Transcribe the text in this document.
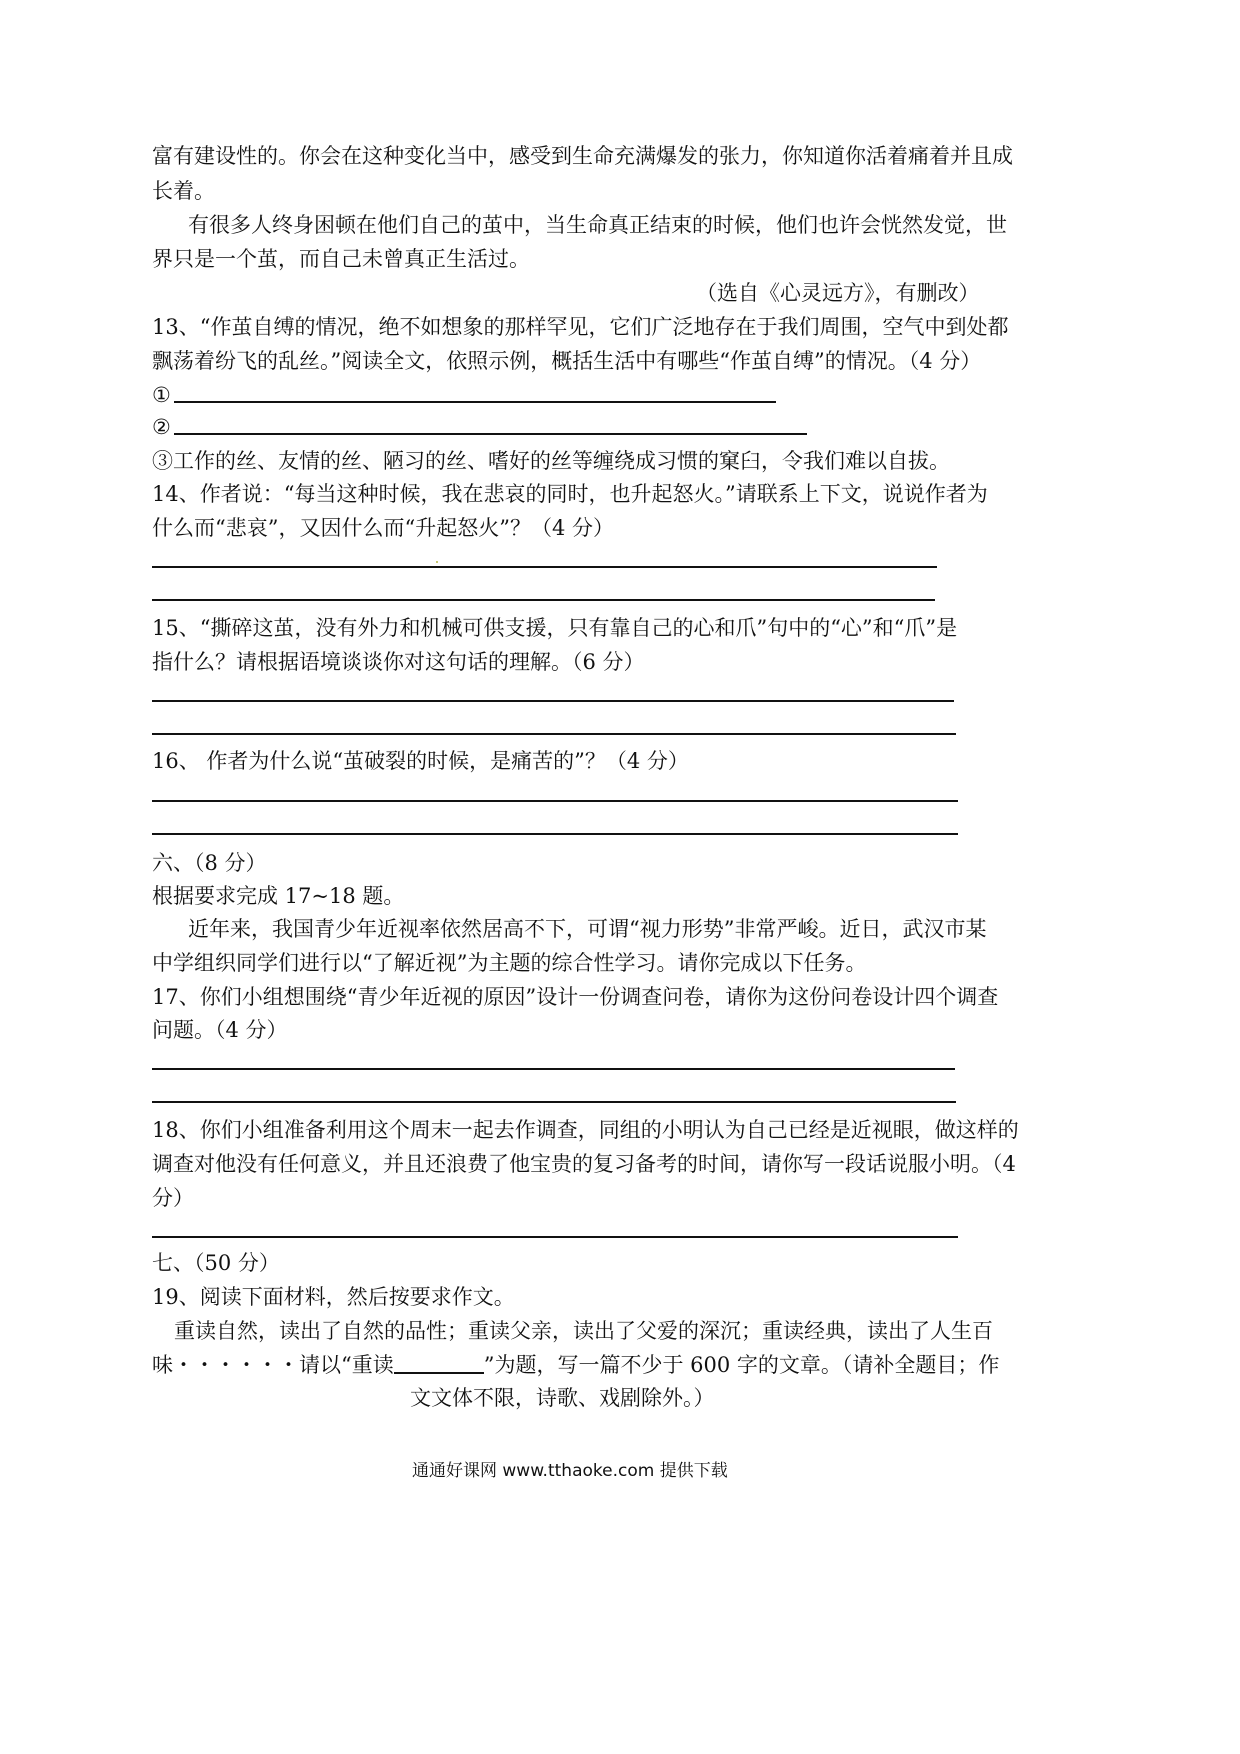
富有建设性的。你会在这种变化当中，感受到生命充满爆发的张力，你知道你活着痛着并且成
长着。
有很多人终身困顿在他们自己的茧中，当生命真正结束的时候，他们也许会恍然发觉，世
界只是一个茧，而自己未曾真正生活过。
（选自《心灵远方》，有删改）
13、“作茧自缚的情况，绝不如想象的那样罕见，它们广泛地存在于我们周围，空气中到处都
飘荡着纷飞的乱丝。”阅读全文，依照示例，概括生活中有哪些“作茧自缚”的情况。（4 分）
①
②
③工作的丝、友情的丝、陋习的丝、嗜好的丝等缠绕成习惯的窠臼，令我们难以自拔。
14、作者说：“每当这种时候，我在悲哀的同时，也升起怒火。”请联系上下文，说说作者为
什么而“悲哀”，又因什么而“升起怒火”？（4 分）
15、“撕碎这茧，没有外力和机械可供支援，只有靠自己的心和爪”句中的“心”和“爪”是
指什么？请根据语境谈谈你对这句话的理解。（6 分）
16、 作者为什么说“茧破裂的时候，是痛苦的”？（4 分）
六、（8 分）
根据要求完成 17~18 题。
近年来，我国青少年近视率依然居高不下，可谓“视力形势”非常严峻。近日，武汉市某
中学组织同学们进行以“了解近视”为主题的综合性学习。请你完成以下任务。
17、你们小组想围绕“青少年近视的原因”设计一份调查问卷，请你为这份问卷设计四个调查
问题。（4 分）
18、你们小组准备利用这个周末一起去作调查，同组的小明认为自己已经是近视眼，做这样的
调查对他没有任何意义，并且还浪费了他宝贵的复习备考的时间，请你写一段话说服小明。（4
分）
七、（50 分）
19、阅读下面材料，然后按要求作文。
重读自然，读出了自然的品性；重读父亲，读出了父爱的深沉；重读经典，读出了人生百
味・・・・・・请以“重读	”为题，写一篇不少于 600 字的文章。（请补全题目；作
文文体不限，诗歌、戏剧除外。）
通通好课网 www.tthaoke.com 提供下载
